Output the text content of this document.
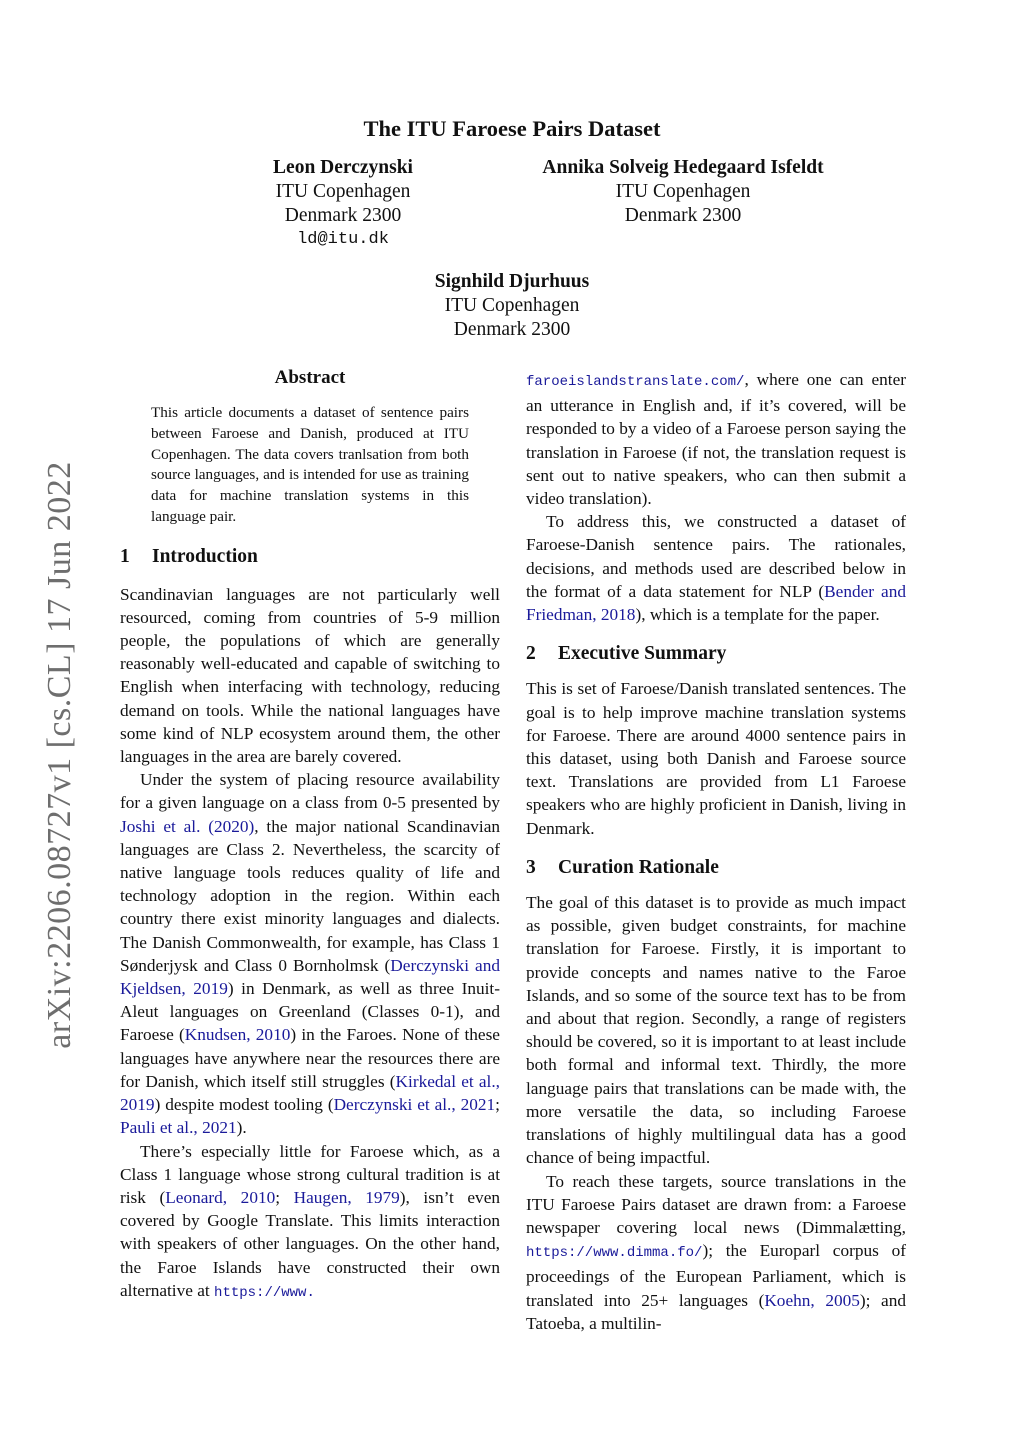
arXiv:2206.08727v1 [cs.CL] 17 Jun 2022
The ITU Faroese Pairs Dataset
Leon Derczynski
ITU Copenhagen
Denmark 2300
ld@itu.dk
Annika Solveig Hedegaard Isfeldt
ITU Copenhagen
Denmark 2300
Signhild Djurhuus
ITU Copenhagen
Denmark 2300
Abstract
This article documents a dataset of sentence pairs between Faroese and Danish, produced at ITU Copenhagen. The data covers tranlsation from both source languages, and is intended for use as training data for machine translation systems in this language pair.
1 Introduction

Scandinavian languages are not particularly well resourced, coming from countries of 5-9 million people, the populations of which are generally reasonably well-educated and capable of switching to English when interfacing with technology, reducing demand on tools. While the national languages have some kind of NLP ecosystem around them, the other languages in the area are barely covered.

Under the system of placing resource availability for a given language on a class from 0-5 presented by Joshi et al. (2020), the major national Scandinavian languages are Class 2. Nevertheless, the scarcity of native language tools reduces quality of life and technology adoption in the region. Within each country there exist minority languages and dialects. The Danish Commonwealth, for example, has Class 1 Sønderjysk and Class 0 Bornholmsk (Derczynski and Kjeldsen, 2019) in Denmark, as well as three Inuit-Aleut languages on Greenland (Classes 0-1), and Faroese (Knudsen, 2010) in the Faroes. None of these languages have anywhere near the resources there are for Danish, which itself still struggles (Kirkedal et al., 2019) despite modest tooling (Derczynski et al., 2021; Pauli et al., 2021).

There’s especially little for Faroese which, as a Class 1 language whose strong cultural tradition is at risk (Leonard, 2010; Haugen, 1979), isn’t even covered by Google Translate. This limits interaction with speakers of other languages. On the other hand, the Faroe Islands have constructed their own alternative at https://www.

faroeislandstranslate.com/, where one can enter an utterance in English and, if it’s covered, will be responded to by a video of a Faroese person saying the translation in Faroese (if not, the translation request is sent out to native speakers, who can then submit a video translation).

To address this, we constructed a dataset of Faroese-Danish sentence pairs. The rationales, decisions, and methods used are described below in the format of a data statement for NLP (Bender and Friedman, 2018), which is a template for the paper.

2 Executive Summary

This is set of Faroese/Danish translated sentences. The goal is to help improve machine translation systems for Faroese. There are around 4000 sentence pairs in this dataset, using both Danish and Faroese source text. Translations are provided from L1 Faroese speakers who are highly proficient in Danish, living in Denmark.

3 Curation Rationale

The goal of this dataset is to provide as much impact as possible, given budget constraints, for machine translation for Faroese. Firstly, it is important to provide concepts and names native to the Faroe Islands, and so some of the source text has to be from and about that region. Secondly, a range of registers should be covered, so it is important to at least include both formal and informal text. Thirdly, the more language pairs that translations can be made with, the more versatile the data, so including Faroese translations of highly multilingual data has a good chance of being impactful.

To reach these targets, source translations in the ITU Faroese Pairs dataset are drawn from: a Faroese newspaper covering local news (Dimmalætting, https://www.dimma.fo/); the Europarl corpus of proceedings of the European Parliament, which is translated into 25+ languages (Koehn, 2005); and Tatoeba, a multilin-
